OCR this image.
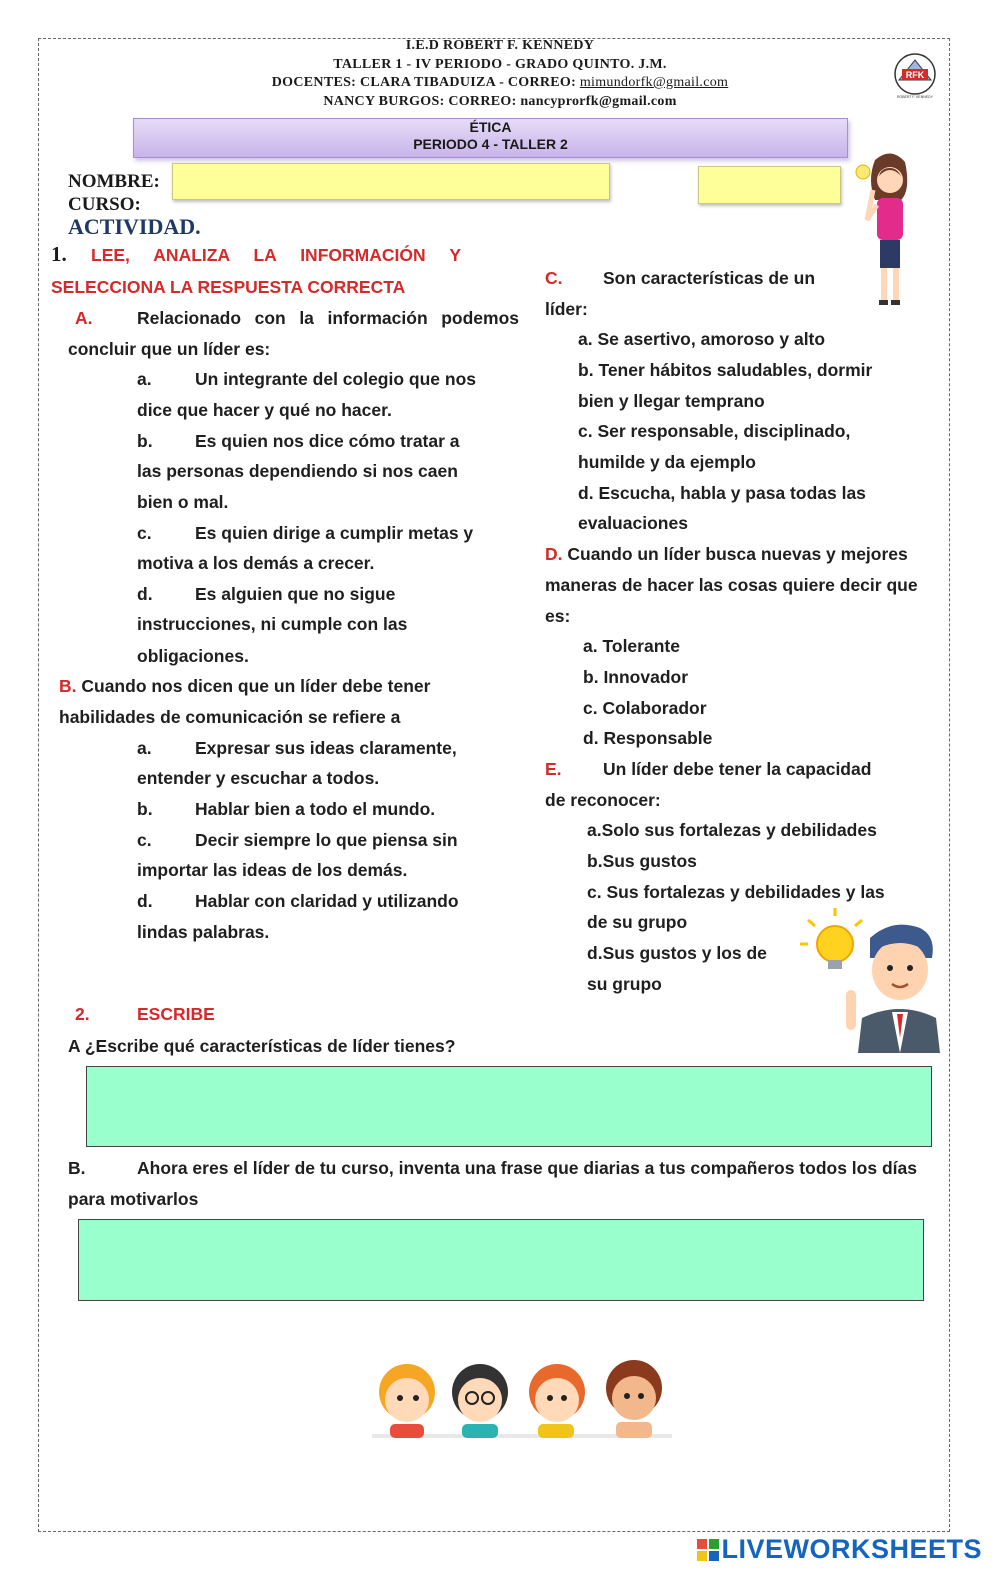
I.E.D ROBERT F. KENNEDY
TALLER 1 - IV PERIODO - GRADO QUINTO. J.M.
DOCENTES: CLARA TIBADUIZA - CORREO: mimundorfk@gmail.com
NANCY BURGOS: CORREO: nancyprorfk@gmail.com
RFK
ROBERT F. KENNEDY
ÉTICA
PERIODO 4 - TALLER 2
NOMBRE:
CURSO:
ACTIVIDAD.
1. LEE, ANALIZA LA INFORMACIÓN Y
SELECCIONA LA RESPUESTA CORRECTA
A.	Relacionado con la información podemos
concluir que un líder es:
a. Un integrante del colegio que nos
dice que hacer y qué no hacer.
b. Es quien nos dice cómo tratar a
las personas dependiendo si nos caen
bien o mal.
c. Es quien dirige a cumplir metas y
motiva a los demás a crecer.
d. Es alguien que no sigue
instrucciones, ni cumple con las
obligaciones.
B. Cuando nos dicen que un líder debe tener
habilidades de comunicación se refiere a
a. Expresar sus ideas claramente,
entender y escuchar a todos.
b. Hablar bien a todo el mundo.
c. Decir siempre lo que piensa sin
importar las ideas de los demás.
d. Hablar con claridad y utilizando
lindas palabras.
C. Son características de un
líder:
a. Se asertivo, amoroso y alto
b. Tener hábitos saludables, dormir
bien y llegar temprano
c. Ser responsable, disciplinado,
humilde y da ejemplo
d. Escucha, habla y pasa todas las
evaluaciones
D. Cuando un líder busca nuevas y mejores
maneras de hacer las cosas quiere decir que
es:
a. Tolerante
b. Innovador
c. Colaborador
d. Responsable
E. Un líder debe tener la capacidad
de reconocer:
a.Solo sus fortalezas y debilidades
b.Sus gustos
c. Sus fortalezas y debilidades y las
de su grupo
d.Sus gustos y los de
su grupo
2.	ESCRIBE
A ¿Escribe qué características de líder tienes?
B.	Ahora eres el líder de tu curso, inventa una frase que diarias a tus compañeros todos los días
para motivarlos
LIVEWORKSHEETS
